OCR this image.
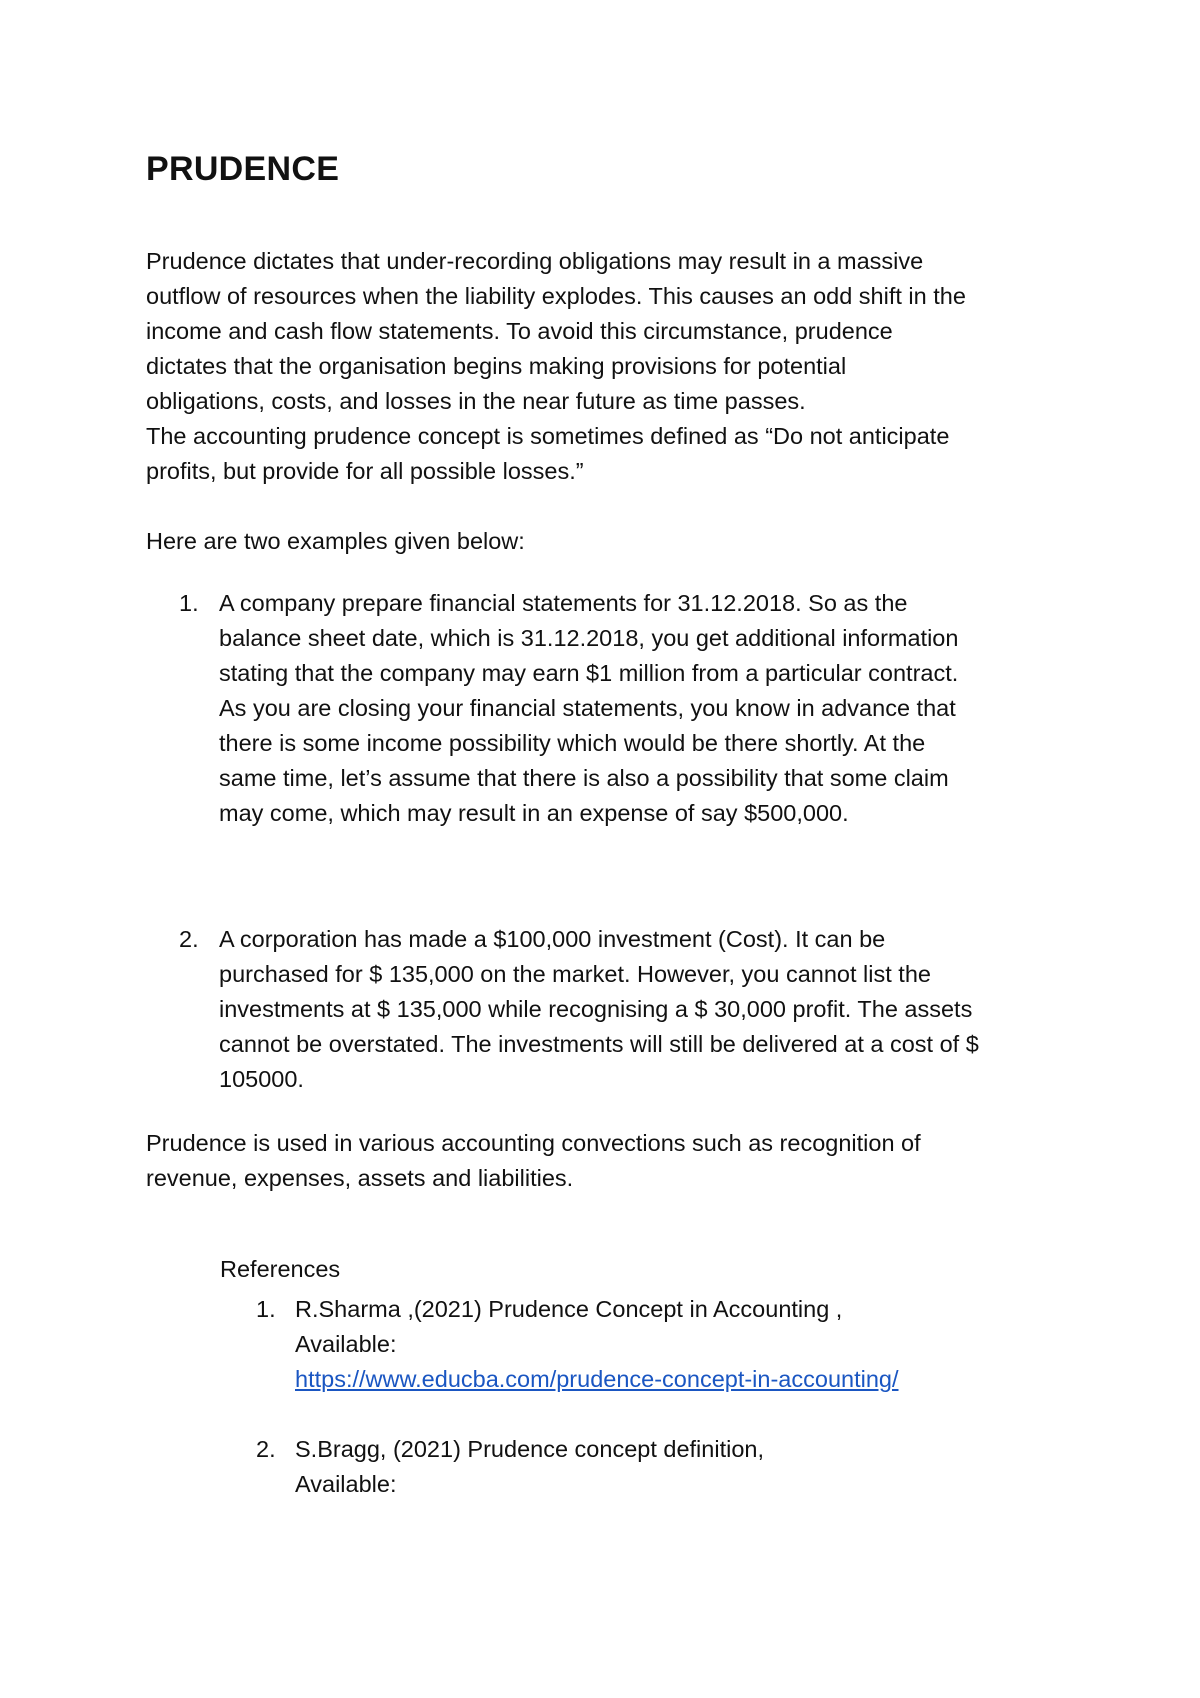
PRUDENCE

Prudence dictates that under-recording obligations may result in a massive
outflow of resources when the liability explodes. This causes an odd shift in the
income and cash flow statements. To avoid this circumstance, prudence
dictates that the organisation begins making provisions for potential
obligations, costs, and losses in the near future as time passes.
The accounting prudence concept is sometimes defined as “Do not anticipate
profits, but provide for all possible losses.”

Here are two examples given below:

1. A company prepare financial statements for 31.12.2018. So as the
balance sheet date, which is 31.12.2018, you get additional information
stating that the company may earn $1 million from a particular contract.
As you are closing your financial statements, you know in advance that
there is some income possibility which would be there shortly. At the
same time, let’s assume that there is also a possibility that some claim
may come, which may result in an expense of say $500,000.
2. A corporation has made a $100,000 investment (Cost). It can be
purchased for $ 135,000 on the market. However, you cannot list the
investments at $ 135,000 while recognising a $ 30,000 profit. The assets
cannot be overstated. The investments will still be delivered at a cost of $
105000.

Prudence is used in various accounting convections such as recognition of
revenue, expenses, assets and liabilities.

References
1. R.Sharma ,(2021) Prudence Concept in Accounting ,
Available:
https://www.educba.com/prudence-concept-in-accounting/
2. S.Bragg, (2021) Prudence concept definition,
Available:
